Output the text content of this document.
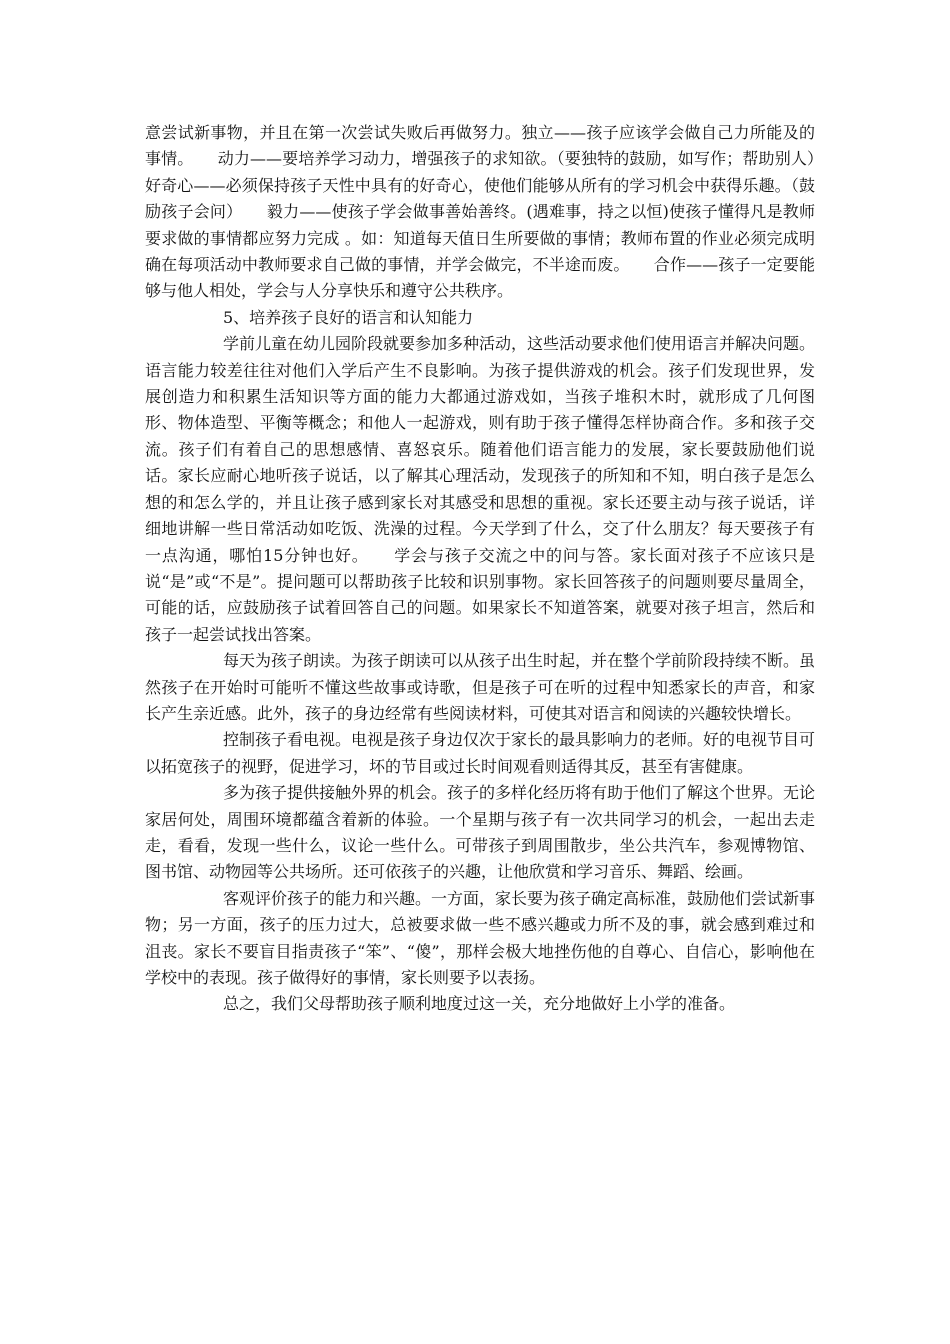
意尝试新事物，并且在第一次尝试失败后再做努力。独立——孩子应该学会做自己力所能及的事情。　　动力——要培养学习动力，增强孩子的求知欲。（要独特的鼓励，如写作；帮助别人）　　好奇心——必须保持孩子天性中具有的好奇心，使他们能够从所有的学习机会中获得乐趣。（鼓励孩子会问）　　毅力——使孩子学会做事善始善终。(遇难事，持之以恒)使孩子懂得凡是教师要求做的事情都应努力完成 。如：知道每天值日生所要做的事情；教师布置的作业必须完成明确在每项活动中教师要求自己做的事情，并学会做完，不半途而废。　　合作——孩子一定要能够与他人相处，学会与人分享快乐和遵守公共秩序。

5、培养孩子良好的语言和认知能力

学前儿童在幼儿园阶段就要参加多种活动，这些活动要求他们使用语言并解决问题。语言能力较差往往对他们入学后产生不良影响。为孩子提供游戏的机会。孩子们发现世界，发展创造力和积累生活知识等方面的能力大都通过游戏如，当孩子堆积木时，就形成了几何图形、物体造型、平衡等概念；和他人一起游戏，则有助于孩子懂得怎样协商合作。多和孩子交流。孩子们有着自己的思想感情、喜怒哀乐。随着他们语言能力的发展，家长要鼓励他们说话。家长应耐心地听孩子说话，以了解其心理活动，发现孩子的所知和不知，明白孩子是怎么想的和怎么学的，并且让孩子感到家长对其感受和思想的重视。家长还要主动与孩子说话，详细地讲解一些日常活动如吃饭、洗澡的过程。今天学到了什么，交了什么朋友？每天要孩子有一点沟通，哪怕15分钟也好。　　学会与孩子交流之中的问与答。家长面对孩子不应该只是说“是”或“不是”。提问题可以帮助孩子比较和识别事物。家长回答孩子的问题则要尽量周全，可能的话，应鼓励孩子试着回答自己的问题。如果家长不知道答案，就要对孩子坦言，然后和孩子一起尝试找出答案。

每天为孩子朗读。为孩子朗读可以从孩子出生时起，并在整个学前阶段持续不断。虽然孩子在开始时可能听不懂这些故事或诗歌，但是孩子可在听的过程中知悉家长的声音，和家长产生亲近感。此外，孩子的身边经常有些阅读材料，可使其对语言和阅读的兴趣较快增长。

控制孩子看电视。电视是孩子身边仅次于家长的最具影响力的老师。好的电视节目可以拓宽孩子的视野，促进学习，坏的节目或过长时间观看则适得其反，甚至有害健康。

多为孩子提供接触外界的机会。孩子的多样化经历将有助于他们了解这个世界。无论家居何处，周围环境都蕴含着新的体验。一个星期与孩子有一次共同学习的机会，一起出去走走，看看，发现一些什么，议论一些什么。可带孩子到周围散步，坐公共汽车，参观博物馆、图书馆、动物园等公共场所。还可依孩子的兴趣，让他欣赏和学习音乐、舞蹈、绘画。

客观评价孩子的能力和兴趣。一方面，家长要为孩子确定高标准，鼓励他们尝试新事物；另一方面，孩子的压力过大，总被要求做一些不感兴趣或力所不及的事，就会感到难过和沮丧。家长不要盲目指责孩子“笨”、“傻”，那样会极大地挫伤他的自尊心、自信心，影响他在学校中的表现。孩子做得好的事情，家长则要予以表扬。

总之，我们父母帮助孩子顺利地度过这一关，充分地做好上小学的准备。
